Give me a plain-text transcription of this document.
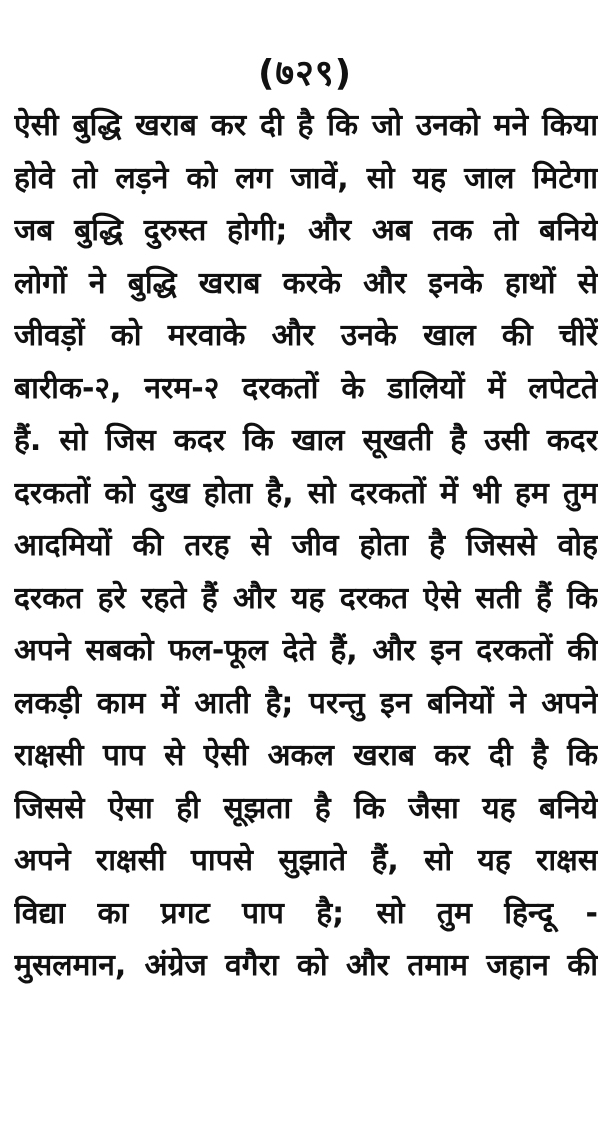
(७२९)
ऐसी बुद्धि खराब कर दी है कि जो उनको मने किया
होवे तो लड़ने को लग जावें, सो यह जाल मिटेगा
जब बुद्धि दुरुस्त होगी; और अब तक तो बनिये
लोगों ने बुद्धि खराब करके और इनके हाथों से
जीवड़ों को मरवाके और उनके खाल की चीरें
बारीक-२, नरम-२ दरकतों के डालियों में लपेटते
हैं. सो जिस कदर कि खाल सूखती है उसी कदर
दरकतों को दुख होता है, सो दरकतों में भी हम तुम
आदमियों की तरह से जीव होता है जिससे वोह
दरकत हरे रहते हैं और यह दरकत ऐसे सती हैं कि
अपने सबको फल-फूल देते हैं, और इन दरकतों की
लकड़ी काम में आती है; परन्तु इन बनियों ने अपने
राक्षसी पाप से ऐसी अकल खराब कर दी है कि
जिससे ऐसा ही सूझता है कि जैसा यह बनिये
अपने राक्षसी पापसे सुझाते हैं, सो यह राक्षस
विद्या का प्रगट पाप है; सो तुम हिन्दू -
मुसलमान, अंग्रेज वगैरा को और तमाम जहान की
